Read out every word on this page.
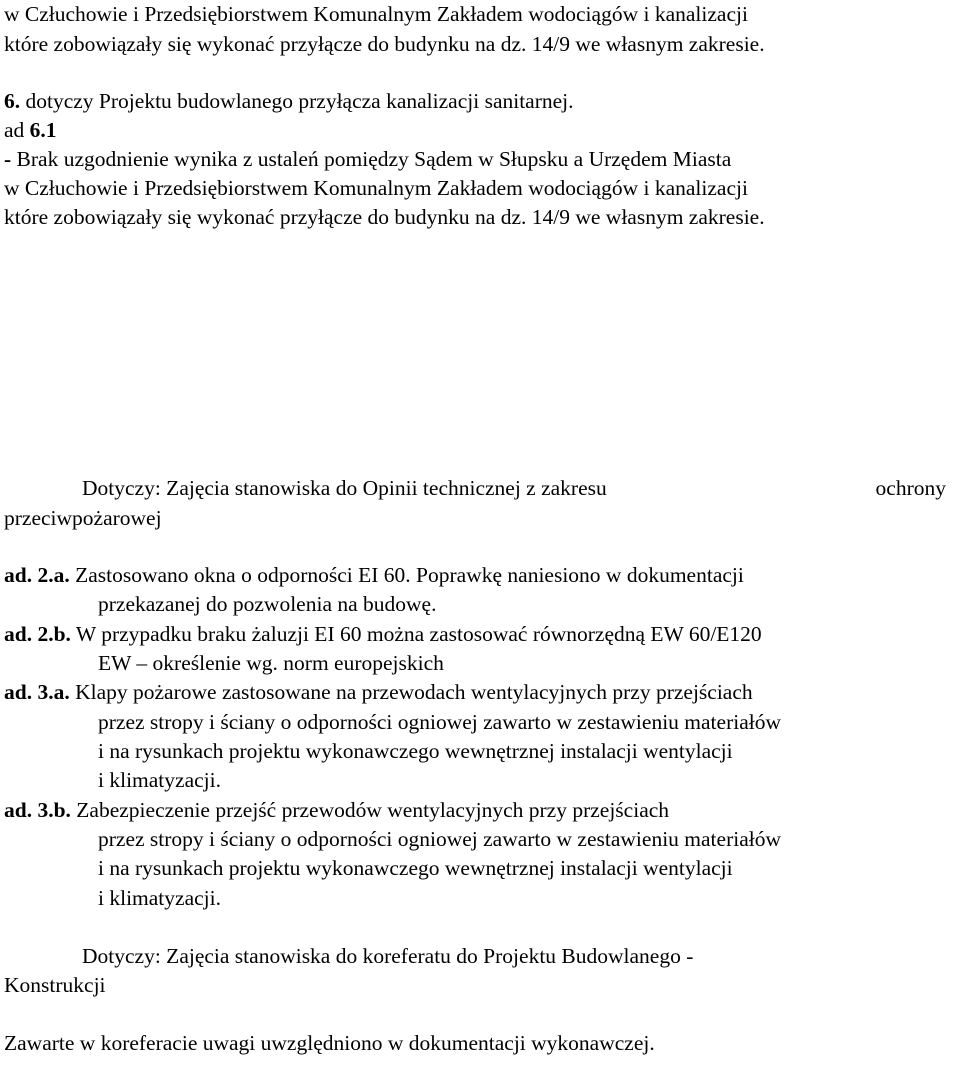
w Człuchowie i Przedsiębiorstwem Komunalnym Zakładem wodociągów i kanalizacji
które zobowiązały się wykonać przyłącze do budynku na dz. 14/9 we własnym zakresie.
6. dotyczy Projektu budowlanego przyłącza kanalizacji sanitarnej.
ad 6.1
- Brak uzgodnienie wynika z ustaleń pomiędzy Sądem w Słupsku a Urzędem Miasta
w Człuchowie i Przedsiębiorstwem Komunalnym Zakładem wodociągów i kanalizacji
które zobowiązały się wykonać przyłącze do budynku na dz. 14/9 we własnym zakresie.
Dotyczy: Zajęcia stanowiska do Opinii technicznej z zakresu	ochrony
przeciwpożarowej
ad. 2.a. Zastosowano okna o odporności EI 60. Poprawkę naniesiono w dokumentacji
przekazanej do pozwolenia na budowę.
ad. 2.b. W przypadku braku żaluzji EI 60 można zastosować równorzędną EW 60/E120
EW – określenie wg. norm europejskich
ad. 3.a. Klapy pożarowe zastosowane na przewodach wentylacyjnych przy przejściach
przez stropy i ściany o odporności ogniowej zawarto w zestawieniu materiałów
i na rysunkach projektu wykonawczego wewnętrznej instalacji wentylacji
i klimatyzacji.
ad. 3.b. Zabezpieczenie przejść przewodów wentylacyjnych przy przejściach
przez stropy i ściany o odporności ogniowej zawarto w zestawieniu materiałów
i na rysunkach projektu wykonawczego wewnętrznej instalacji wentylacji
i klimatyzacji.
Dotyczy: Zajęcia stanowiska do koreferatu do Projektu Budowlanego -
Konstrukcji
Zawarte w koreferacie uwagi uwzględniono w dokumentacji wykonawczej.
